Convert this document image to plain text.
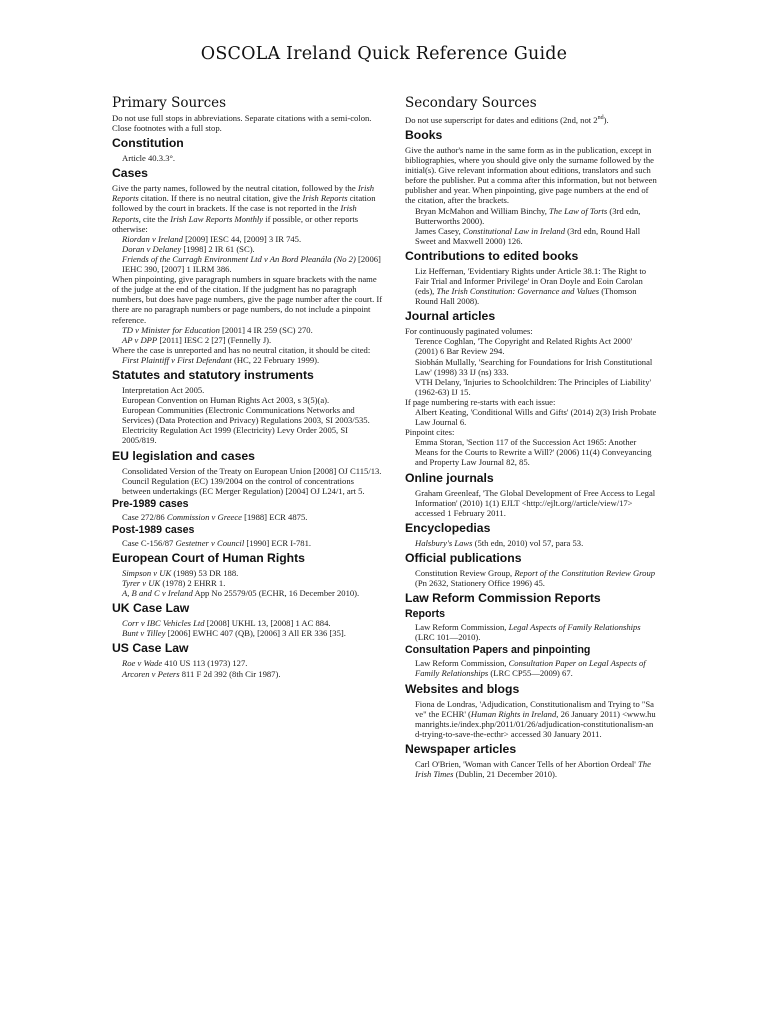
OSCOLA Ireland Quick Reference Guide
Primary Sources

Do not use full stops in abbreviations. Separate citations with a semi-colon. Close footnotes with a full stop.

Constitution

Article 40.3.3°.

Cases

Give the party names, followed by the neutral citation, followed by the Irish Reports citation. If there is no neutral citation, give the Irish Reports citation followed by the court in brackets. If the case is not reported in the Irish Reports, cite the Irish Law Reports Monthly if possible, or other reports otherwise:

Riordan v Ireland [2009] IESC 44, [2009] 3 IR 745.

Doran v Delaney [1998] 2 IR 61 (SC).

Friends of the Curragh Environment Ltd v An Bord Pleanála (No 2) [2006] IEHC 390, [2007] 1 ILRM 386.

When pinpointing, give paragraph numbers in square brackets with the name of the judge at the end of the citation. If the judgment has no paragraph numbers, but does have page numbers, give the page number after the court. If there are no paragraph numbers or page numbers, do not include a pinpoint reference.

TD v Minister for Education [2001] 4 IR 259 (SC) 270.

AP v DPP [2011] IESC 2 [27] (Fennelly J).

Where the case is unreported and has no neutral citation, it should be cited:

First Plaintiff v First Defendant (HC, 22 February 1999).

Statutes and statutory instruments

Interpretation Act 2005.

European Convention on Human Rights Act 2003, s 3(5)(a).

European Communities (Electronic Communications Networks and Services) (Data Protection and Privacy) Regulations 2003, SI 2003/535.

Electricity Regulation Act 1999 (Electricity) Levy Order 2005, SI 2005/819.

EU legislation and cases

Consolidated Version of the Treaty on European Union [2008] OJ C115/13.

Council Regulation (EC) 139/2004 on the control of concentrations between undertakings (EC Merger Regulation) [2004] OJ L24/1, art 5.

Pre-1989 cases

Case 272/86 Commission v Greece [1988] ECR 4875.

Post-1989 cases

Case C-156/87 Gestetner v Council [1990] ECR I-781.

European Court of Human Rights

Simpson v UK (1989) 53 DR 188.

Tyrer v UK (1978) 2 EHRR 1.

A, B and C v Ireland App No 25579/05 (ECHR, 16 December 2010).

UK Case Law

Corr v IBC Vehicles Ltd [2008] UKHL 13, [2008] 1 AC 884.

Bunt v Tilley [2006] EWHC 407 (QB), [2006] 3 All ER 336 [35].

US Case Law

Roe v Wade 410 US 113 (1973) 127.

Arcoren v Peters 811 F 2d 392 (8th Cir 1987).

Secondary Sources

Do not use superscript for dates and editions (2nd, not 2nd).

Books

Give the author's name in the same form as in the publication, except in bibliographies, where you should give only the surname followed by the initial(s). Give relevant information about editions, translators and such before the publisher. Put a comma after this information, but not between publisher and year. When pinpointing, give page numbers at the end of the citation, after the brackets.

Bryan McMahon and William Binchy, The Law of Torts (3rd edn, Butterworths 2000).

James Casey, Constitutional Law in Ireland (3rd edn, Round Hall Sweet and Maxwell 2000) 126.

Contributions to edited books

Liz Heffernan, 'Evidentiary Rights under Article 38.1: The Right to Fair Trial and Informer Privilege' in Oran Doyle and Eoin Carolan (eds), The Irish Constitution: Governance and Values (Thomson Round Hall 2008).

Journal articles

For continuously paginated volumes:

Terence Coghlan, 'The Copyright and Related Rights Act 2000' (2001) 6 Bar Review 294.

Siobhán Mullally, 'Searching for Foundations for Irish Constitutional Law' (1998) 33 IJ (ns) 333.

VTH Delany, 'Injuries to Schoolchildren: The Principles of Liability' (1962-63) IJ 15.

If page numbering re-starts with each issue:

Albert Keating, 'Conditional Wills and Gifts' (2014) 2(3) Irish Probate Law Journal 6.

Pinpoint cites:

Emma Storan, 'Section 117 of the Succession Act 1965: Another Means for the Courts to Rewrite a Will?' (2006) 11(4) Conveyancing and Property Law Journal 82, 85.

Online journals

Graham Greenleaf, 'The Global Development of Free Access to Legal Information' (2010) 1(1) EJLT <http://ejlt.org//article/view/17> accessed 1 February 2011.

Encyclopedias

Halsbury's Laws (5th edn, 2010) vol 57, para 53.

Official publications

Constitution Review Group, Report of the Constitution Review Group (Pn 2632, Stationery Office 1996) 45.

Law Reform Commission Reports
Reports

Law Reform Commission, Legal Aspects of Family Relationships (LRC 101—2010).

Consultation Papers and pinpointing

Law Reform Commission, Consultation Paper on Legal Aspects of Family Relationships (LRC CP55—2009) 67.

Websites and blogs

Fiona de Londras, 'Adjudication, Constitutionalism and Trying to "Save" the ECHR' (Human Rights in Ireland, 26 January 2011) <www.humanrights.ie/index.php/2011/01/26/adjudication-constitutionalism-and-trying-to-save-the-ecthr> accessed 30 January 2011.

Newspaper articles

Carl O'Brien, 'Woman with Cancer Tells of her Abortion Ordeal' The Irish Times (Dublin, 21 December 2010).
